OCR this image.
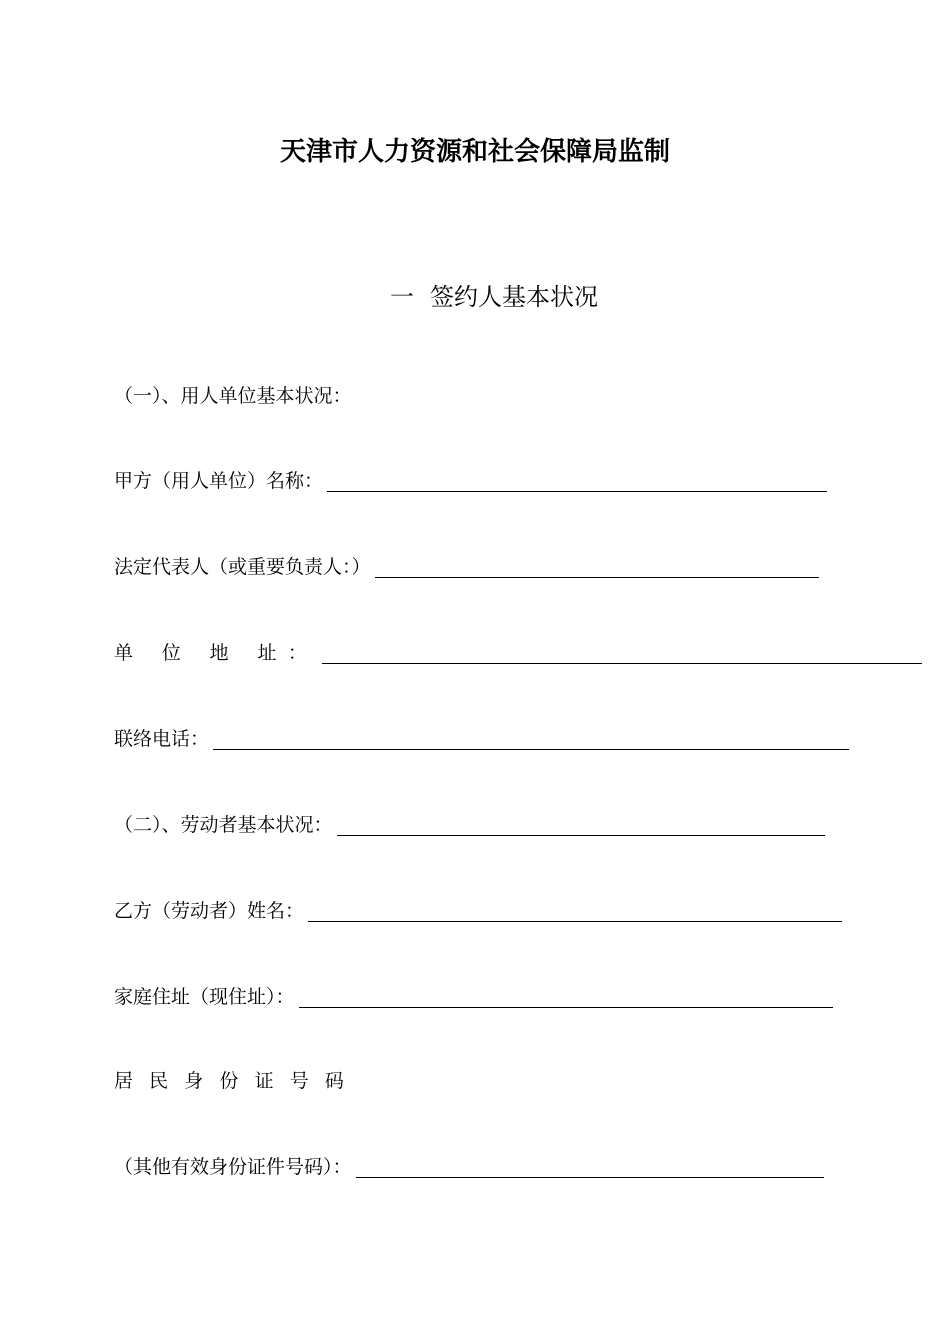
天津市人力资源和社会保障局监制
一 签约人基本状况
（一）、用人单位基本状况：
甲方（用人单位）名称：
法定代表人（或重要负责人：）
单 位 地 址：
联络电话：
（二）、劳动者基本状况：
乙方（劳动者）姓名：
家庭住址（现住址）：
居民身份证号码
（其他有效身份证件号码）：
